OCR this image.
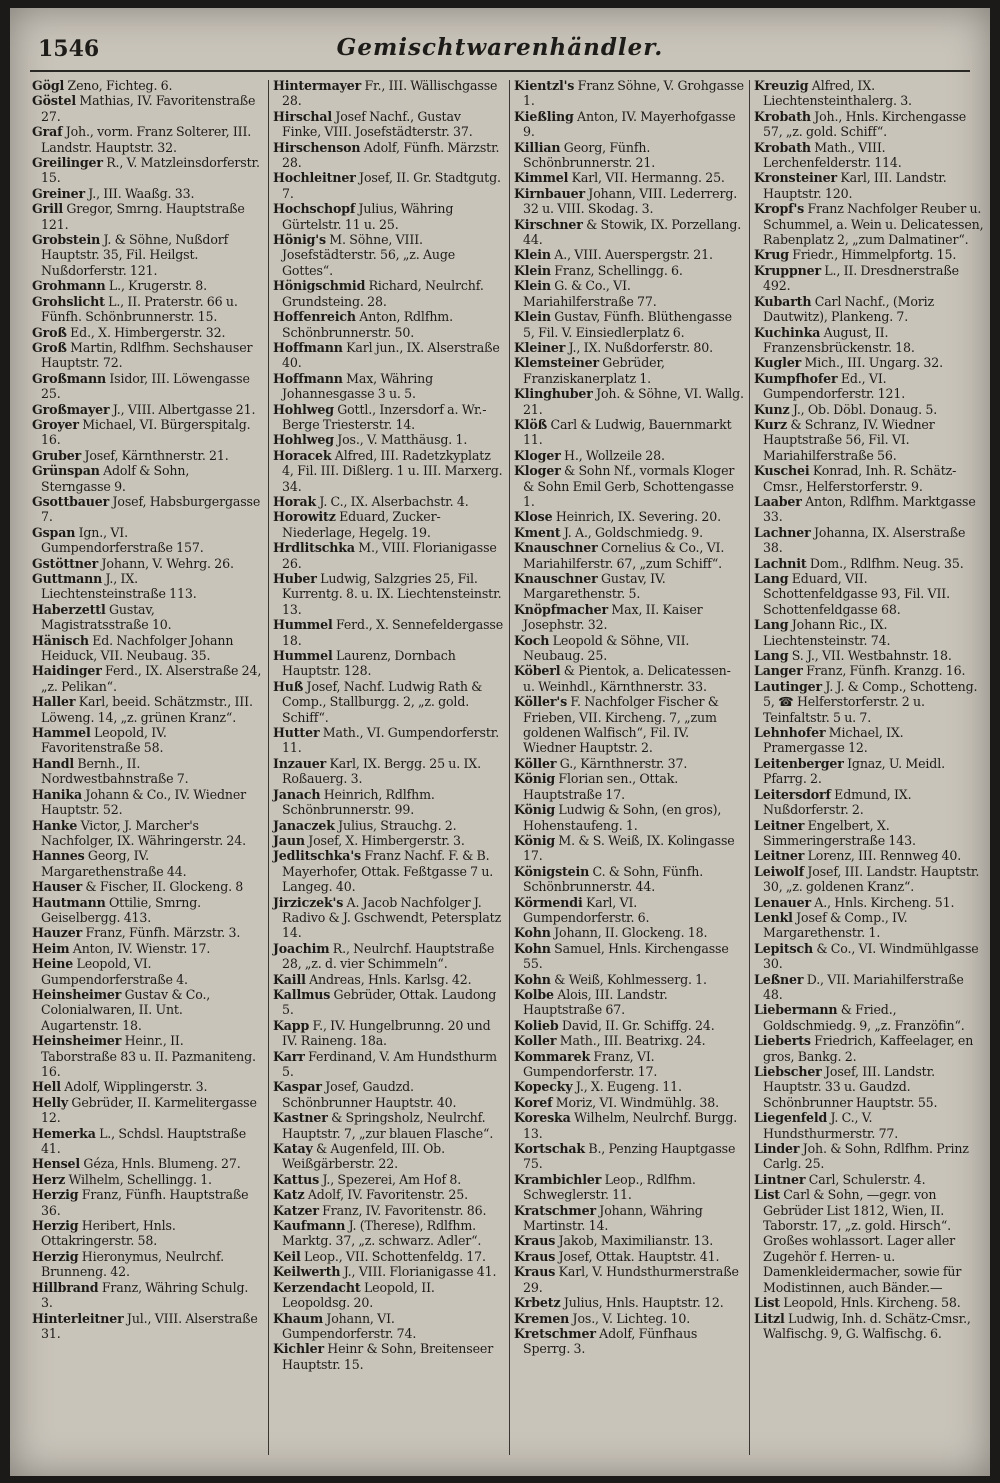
1546	Gemischtwarenhändler.

Gögl Zeno, Fichteg. 6.

Göstel Mathias, IV. Favoritenstraße 27.

Graf Joh., vorm. Franz Solterer, III. Landstr. Hauptstr. 32.

Greilinger R., V. Matzleinsdorferstr. 15.

Greiner J., III. Waaßg. 33.

Grill Gregor, Smrng. Hauptstraße 121.

Grobstein J. & Söhne, Nußdorf Hauptstr. 35, Fil. Heilgst. Nußdorferstr. 121.

Grohmann L., Krugerstr. 8.

Grohslicht L., II. Praterstr. 66 u. Fünfh. Schönbrunnerstr. 15.

Groß Ed., X. Himbergerstr. 32.

Groß Martin, Rdlfhm. Sechshauser Hauptstr. 72.

Großmann Isidor, III. Löwengasse 25.

Großmayer J., VIII. Albertgasse 21.

Groyer Michael, VI. Bürgerspitalg. 16.

Gruber Josef, Kärnthnerstr. 21.

Grünspan Adolf & Sohn, Sterngasse 9.

Gsottbauer Josef, Habsburgergasse 7.

Gspan Ign., VI. Gumpendorferstraße 157.

Gstöttner Johann, V. Wehrg. 26.

Guttmann J., IX. Liechtensteinstraße 113.

Haberzettl Gustav, Magistratsstraße 10.

Hänisch Ed. Nachfolger Johann Heiduck, VII. Neubaug. 35.

Haidinger Ferd., IX. Alserstraße 24, „z. Pelikan“.

Haller Karl, beeid. Schätzmstr., III. Löweng. 14, „z. grünen Kranz“.

Hammel Leopold, IV. Favoritenstraße 58.

Handl Bernh., II. Nordwestbahnstraße 7.

Hanika Johann & Co., IV. Wiedner Hauptstr. 52.

Hanke Victor, J. Marcher's Nachfolger, IX. Währingerstr. 24.

Hannes Georg, IV. Margarethenstraße 44.

Hauser & Fischer, II. Glockeng. 8

Hautmann Ottilie, Smrng. Geiselbergg. 413.

Hauzer Franz, Fünfh. Märzstr. 3.

Heim Anton, IV. Wienstr. 17.

Heine Leopold, VI. Gumpendorferstraße 4.

Heinsheimer Gustav & Co., Colonialwaren, II. Unt. Augartenstr. 18.

Heinsheimer Heinr., II. Taborstraße 83 u. II. Pazmaniteng. 16.

Hell Adolf, Wipplingerstr. 3.

Helly Gebrüder, II. Karmelitergasse 12.

Hemerka L., Schdsl. Hauptstraße 41.

Hensel Géza, Hnls. Blumeng. 27.

Herz Wilhelm, Schellingg. 1.

Herzig Franz, Fünfh. Hauptstraße 36.

Herzig Heribert, Hnls. Ottakringerstr. 58.

Herzig Hieronymus, Neulrchf. Brunneng. 42.

Hillbrand Franz, Währing Schulg. 3.

Hinterleitner Jul., VIII. Alserstraße 31.

Hintermayer Fr., III. Wällischgasse 28.

Hirschal Josef Nachf., Gustav Finke, VIII. Josefstädterstr. 37.

Hirschenson Adolf, Fünfh. Märzstr. 28.

Hochleitner Josef, II. Gr. Stadtgutg. 7.

Hochschopf Julius, Währing Gürtelstr. 11 u. 25.

Hönig's M. Söhne, VIII. Josefstädterstr. 56, „z. Auge Gottes“.

Hönigschmid Richard, Neulrchf. Grundsteing. 28.

Hoffenreich Anton, Rdlfhm. Schönbrunnerstr. 50.

Hoffmann Karl jun., IX. Alserstraße 40.

Hoffmann Max, Währing Johannesgasse 3 u. 5.

Hohlweg Gottl., Inzersdorf a. Wr.-Berge Triesterstr. 14.

Hohlweg Jos., V. Matthäusg. 1.

Horacek Alfred, III. Radetzkyplatz 4, Fil. III. Dißlerg. 1 u. III. Marxerg. 34.

Horak J. C., IX. Alserbachstr. 4.

Horowitz Eduard, Zucker-Niederlage, Hegelg. 19.

Hrdlitschka M., VIII. Florianigasse 26.

Huber Ludwig, Salzgries 25, Fil. Kurrentg. 8. u. IX. Liechtensteinstr. 13.

Hummel Ferd., X. Sennefeldergasse 18.

Hummel Laurenz, Dornbach Hauptstr. 128.

Huß Josef, Nachf. Ludwig Rath & Comp., Stallburgg. 2, „z. gold. Schiff“.

Hutter Math., VI. Gumpendorferstr. 11.

Inzauer Karl, IX. Bergg. 25 u. IX. Roßauerg. 3.

Janach Heinrich, Rdlfhm. Schönbrunnerstr. 99.

Janaczek Julius, Strauchg. 2.

Jaun Josef, X. Himbergerstr. 3.

Jedlitschka's Franz Nachf. F. & B. Mayerhofer, Ottak. Feßtgasse 7 u. Langeg. 40.

Jirziczek's A. Jacob Nachfolger J. Radivo & J. Gschwendt, Petersplatz 14.

Joachim R., Neulrchf. Hauptstraße 28, „z. d. vier Schimmeln“.

Kaill Andreas, Hnls. Karlsg. 42.

Kallmus Gebrüder, Ottak. Laudong 5.

Kapp F., IV. Hungelbrunng. 20 und IV. Raineng. 18a.

Karr Ferdinand, V. Am Hundsthurm 5.

Kaspar Josef, Gaudzd. Schönbrunner Hauptstr. 40.

Kastner & Springsholz, Neulrchf. Hauptstr. 7, „zur blauen Flasche“.

Katay & Augenfeld, III. Ob. Weißgärberstr. 22.

Kattus J., Spezerei, Am Hof 8.

Katz Adolf, IV. Favoritenstr. 25.

Katzer Franz, IV. Favoritenstr. 86.

Kaufmann J. (Therese), Rdlfhm. Marktg. 37, „z. schwarz. Adler“.

Keil Leop., VII. Schottenfeldg. 17.

Keilwerth J., VIII. Florianigasse 41.

Kerzendacht Leopold, II. Leopoldsg. 20.

Khaum Johann, VI. Gumpendorferstr. 74.

Kichler Heinr & Sohn, Breitenseer Hauptstr. 15.

Kientzl's Franz Söhne, V. Grohgasse 1.

Kießling Anton, IV. Mayerhofgasse 9.

Killian Georg, Fünfh. Schönbrunnerstr. 21.

Kimmel Karl, VII. Hermanng. 25.

Kirnbauer Johann, VIII. Lederrerg. 32 u. VIII. Skodag. 3.

Kirschner & Stowik, IX. Porzellang. 44.

Klein A., VIII. Auerspergstr. 21.

Klein Franz, Schellingg. 6.

Klein G. & Co., VI. Mariahilferstraße 77.

Klein Gustav, Fünfh. Blüthengasse 5, Fil. V. Einsiedlerplatz 6.

Kleiner J., IX. Nußdorferstr. 80.

Klemsteiner Gebrüder, Franziskanerplatz 1.

Klinghuber Joh. & Söhne, VI. Wallg. 21.

Klöß Carl & Ludwig, Bauernmarkt 11.

Kloger H., Wollzeile 28.

Kloger & Sohn Nf., vormals Kloger & Sohn Emil Gerb, Schottengasse 1.

Klose Heinrich, IX. Severing. 20.

Kment J. A., Goldschmiedg. 9.

Knauschner Cornelius & Co., VI. Mariahilferstr. 67, „zum Schiff“.

Knauschner Gustav, IV. Margarethenstr. 5.

Knöpfmacher Max, II. Kaiser Josephstr. 32.

Koch Leopold & Söhne, VII. Neubaug. 25.

Köberl & Pientok, a. Delicatessen- u. Weinhdl., Kärnthnerstr. 33.

Köller's F. Nachfolger Fischer & Frieben, VII. Kircheng. 7, „zum goldenen Walfisch“, Fil. IV. Wiedner Hauptstr. 2.

Köller G., Kärnthnerstr. 37.

König Florian sen., Ottak. Hauptstraße 17.

König Ludwig & Sohn, (en gros), Hohenstaufeng. 1.

König M. & S. Weiß, IX. Kolingasse 17.

Königstein C. & Sohn, Fünfh. Schönbrunnerstr. 44.

Körmendi Karl, VI. Gumpendorferstr. 6.

Kohn Johann, II. Glockeng. 18.

Kohn Samuel, Hnls. Kirchengasse 55.

Kohn & Weiß, Kohlmesserg. 1.

Kolbe Alois, III. Landstr. Hauptstraße 67.

Kolieb David, II. Gr. Schiffg. 24.

Koller Math., III. Beatrixg. 24.

Kommarek Franz, VI. Gumpendorferstr. 17.

Kopecky J., X. Eugeng. 11.

Koref Moriz, VI. Windmühlg. 38.

Koreska Wilhelm, Neulrchf. Burgg. 13.

Kortschak B., Penzing Hauptgasse 75.

Krambichler Leop., Rdlfhm. Schweglerstr. 11.

Kratschmer Johann, Währing Martinstr. 14.

Kraus Jakob, Maximilianstr. 13.

Kraus Josef, Ottak. Hauptstr. 41.

Kraus Karl, V. Hundsthurmerstraße 29.

Krbetz Julius, Hnls. Hauptstr. 12.

Kremen Jos., V. Lichteg. 10.

Kretschmer Adolf, Fünfhaus Sperrg. 3.

Kreuzig Alfred, IX. Liechtensteinthalerg. 3.

Krobath Joh., Hnls. Kirchengasse 57, „z. gold. Schiff“.

Krobath Math., VIII. Lerchenfelderstr. 114.

Kronsteiner Karl, III. Landstr. Hauptstr. 120.

Kropf's Franz Nachfolger Reuber u. Schummel, a. Wein u. Delicatessen, Rabenplatz 2, „zum Dalmatiner“.

Krug Friedr., Himmelpfortg. 15.

Kruppner L., II. Dresdnerstraße 492.

Kubarth Carl Nachf., (Moriz Dautwitz), Plankeng. 7.

Kuchinka August, II. Franzensbrückenstr. 18.

Kugler Mich., III. Ungarg. 32.

Kumpfhofer Ed., VI. Gumpendorferstr. 121.

Kunz J., Ob. Döbl. Donaug. 5.

Kurz & Schranz, IV. Wiedner Hauptstraße 56, Fil. VI. Mariahilferstraße 56.

Kuschei Konrad, Inh. R. Schätz-Cmsr., Helferstorferstr. 9.

Laaber Anton, Rdlfhm. Marktgasse 33.

Lachner Johanna, IX. Alserstraße 38.

Lachnit Dom., Rdlfhm. Neug. 35.

Lang Eduard, VII. Schottenfeldgasse 93, Fil. VII. Schottenfeldgasse 68.

Lang Johann Ric., IX. Liechtensteinstr. 74.

Lang S. J., VII. Westbahnstr. 18.

Langer Franz, Fünfh. Kranzg. 16.

Lautinger J. J. & Comp., Schotteng. 5, ☎ Helferstorferstr. 2 u. Teinfaltstr. 5 u. 7.

Lehnhofer Michael, IX. Pramergasse 12.

Leitenberger Ignaz, U. Meidl. Pfarrg. 2.

Leitersdorf Edmund, IX. Nußdorferstr. 2.

Leitner Engelbert, X. Simmeringerstraße 143.

Leitner Lorenz, III. Rennweg 40.

Leiwolf Josef, III. Landstr. Hauptstr. 30, „z. goldenen Kranz“.

Lenauer A., Hnls. Kircheng. 51.

Lenkl Josef & Comp., IV. Margarethenstr. 1.

Lepitsch & Co., VI. Windmühlgasse 30.

Leßner D., VII. Mariahilferstraße 48.

Liebermann & Fried., Goldschmiedg. 9, „z. Franzöfin“.

Lieberts Friedrich, Kaffeelager, en gros, Bankg. 2.

Liebscher Josef, III. Landstr. Hauptstr. 33 u. Gaudzd. Schönbrunner Hauptstr. 55.

Liegenfeld J. C., V. Hundsthurmerstr. 77.

Linder Joh. & Sohn, Rdlfhm. Prinz Carlg. 25.

Lintner Carl, Schulerstr. 4.

List Carl & Sohn, —gegr. von Gebrüder List 1812, Wien, II. Taborstr. 17, „z. gold. Hirsch“. Großes wohlassort. Lager aller Zugehör f. Herren- u. Damenkleidermacher, sowie für Modistinnen, auch Bänder.—

List Leopold, Hnls. Kircheng. 58.

Litzl Ludwig, Inh. d. Schätz-Cmsr., Walfischg. 9, G. Walfischg. 6.
